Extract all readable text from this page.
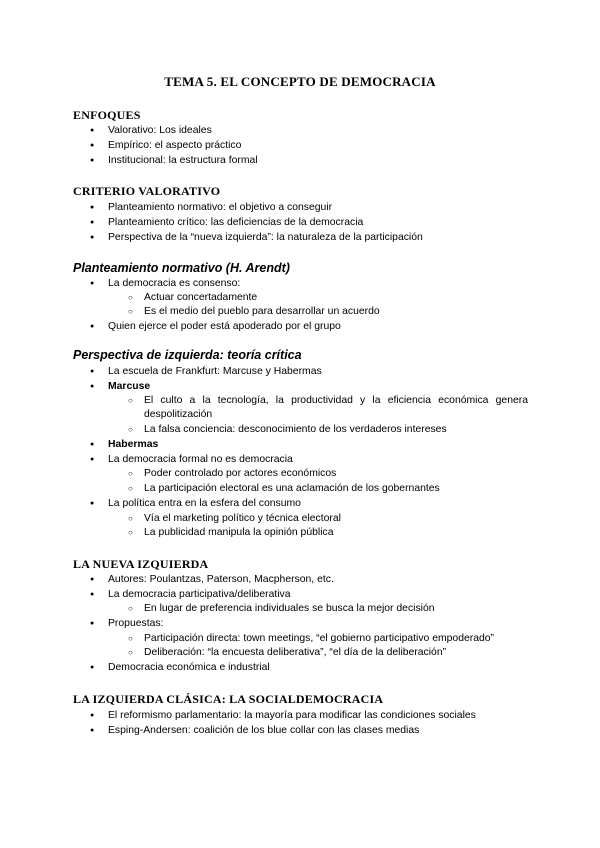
TEMA 5. EL CONCEPTO DE DEMOCRACIA
ENFOQUES
● Valorativo: Los ideales
● Empírico: el aspecto práctico
● Institucional: la estructura formal
CRITERIO VALORATIVO
● Planteamiento normativo: el objetivo a conseguir
● Planteamiento crítico: las deficiencias de la democracia
● Perspectiva de la “nueva izquierda”: la naturaleza de la participación
Planteamiento normativo (H. Arendt)
● La democracia es consenso:
○ Actuar concertadamente
○ Es el medio del pueblo para desarrollar un acuerdo
● Quien ejerce el poder está apoderado por el grupo
Perspectiva de izquierda: teoría crítica
● La escuela de Frankfurt: Marcuse y Habermas
● Marcuse
○ El culto a la tecnología, la productividad y la eficiencia económica genera
despolitización
○ La falsa conciencia: desconocimiento de los verdaderos intereses
● Habermas
● La democracia formal no es democracia
○ Poder controlado por actores económicos
○ La participación electoral es una aclamación de los gobernantes
● La política entra en la esfera del consumo
○ Vía el marketing político y técnica electoral
○ La publicidad manipula la opinión pública
LA NUEVA IZQUIERDA
● Autores: Poulantzas, Paterson, Macpherson, etc.
● La democracia participativa/deliberativa
○ En lugar de preferencia individuales se busca la mejor decisión
● Propuestas:
○ Participación directa: town meetings, “el gobierno participativo empoderado”
○ Deliberación: “la encuesta deliberativa”, “el día de la deliberación”
● Democracia económica e industrial
LA IZQUIERDA CLÁSICA: LA SOCIALDEMOCRACIA
● El reformismo parlamentario: la mayoría para modificar las condiciones sociales
● Esping-Andersen: coalición de los blue collar con las clases medias
